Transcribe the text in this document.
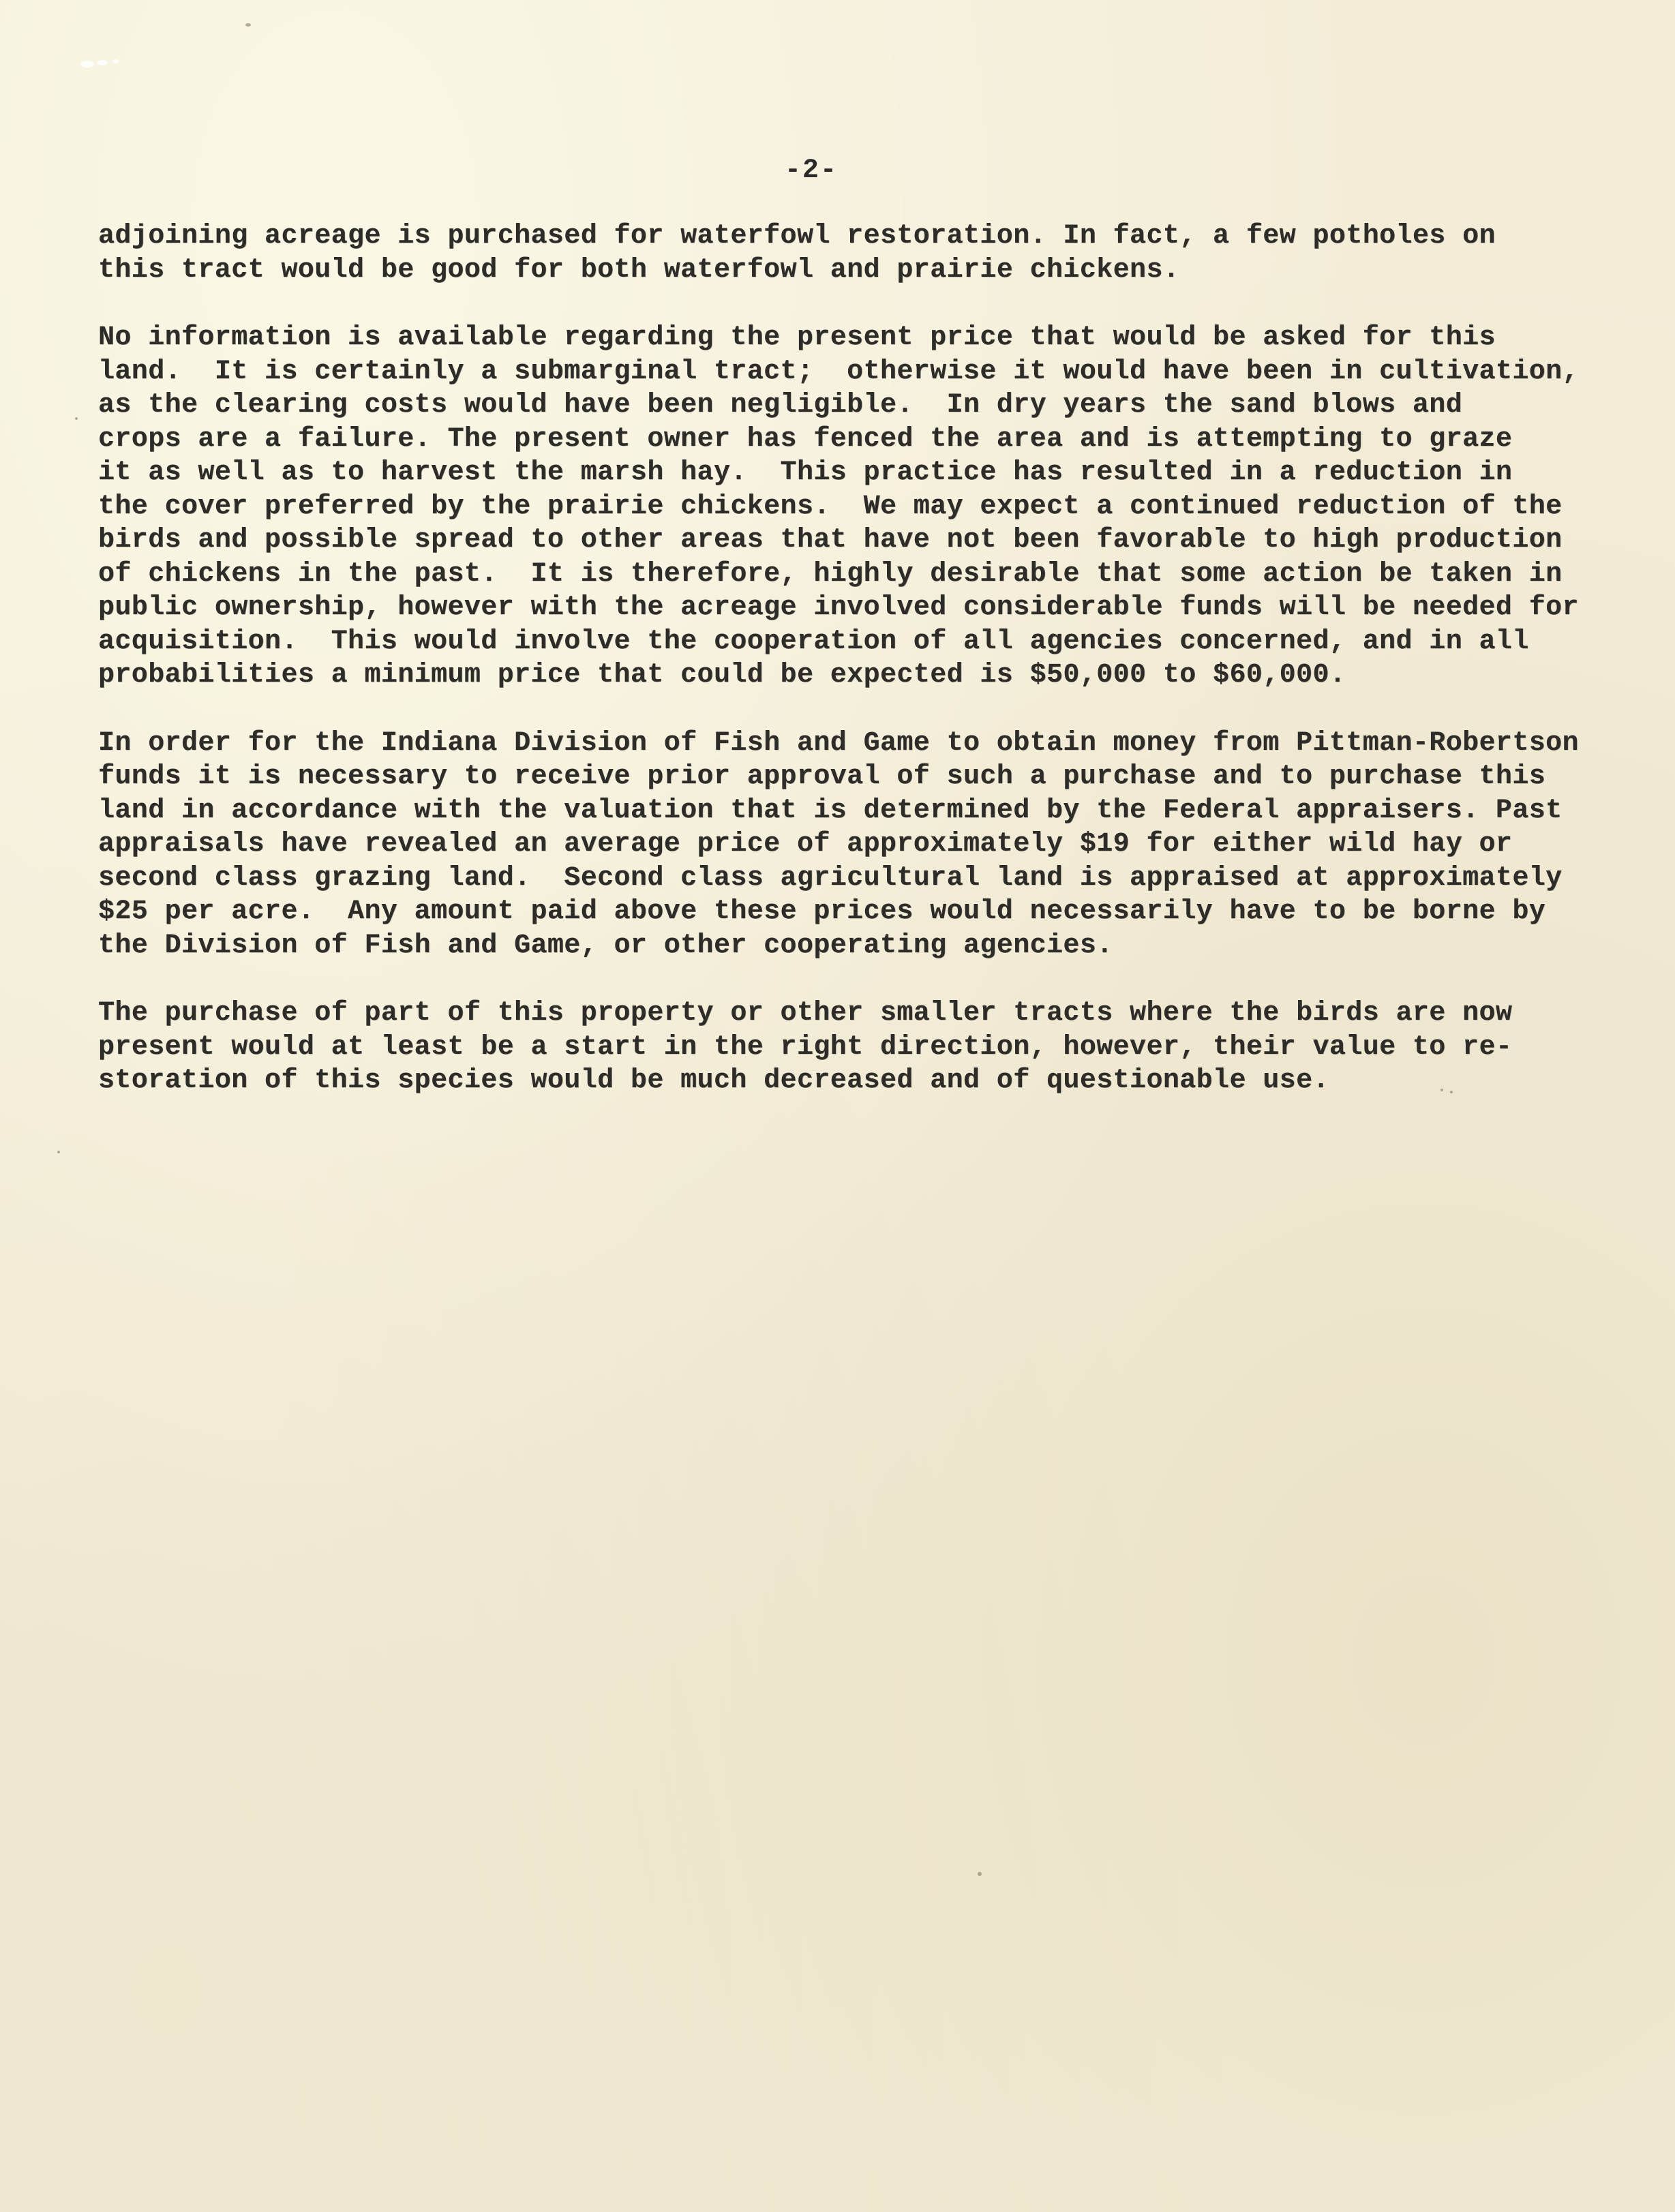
-2-
adjoining acreage is purchased for waterfowl restoration. In fact, a few potholes on
this tract would be good for both waterfowl and prairie chickens.
No information is available regarding the present price that would be asked for this
land.  It is certainly a submarginal tract;  otherwise it would have been in cultivation,
as the clearing costs would have been negligible.  In dry years the sand blows and
crops are a failure. The present owner has fenced the area and is attempting to graze
it as well as to harvest the marsh hay.  This practice has resulted in a reduction in
the cover preferred by the prairie chickens.  We may expect a continued reduction of the
birds and possible spread to other areas that have not been favorable to high production
of chickens in the past.  It is therefore, highly desirable that some action be taken in
public ownership, however with the acreage involved considerable funds will be needed for
acquisition.  This would involve the cooperation of all agencies concerned, and in all
probabilities a minimum price that could be expected is $50,000 to $60,000.
In order for the Indiana Division of Fish and Game to obtain money from Pittman-Robertson
funds it is necessary to receive prior approval of such a purchase and to purchase this
land in accordance with the valuation that is determined by the Federal appraisers. Past
appraisals have revealed an average price of approximately $19 for either wild hay or
second class grazing land.  Second class agricultural land is appraised at approximately
$25 per acre.  Any amount paid above these prices would necessarily have to be borne by
the Division of Fish and Game, or other cooperating agencies.
The purchase of part of this property or other smaller tracts where the birds are now
present would at least be a start in the right direction, however, their value to re-
storation of this species would be much decreased and of questionable use.
